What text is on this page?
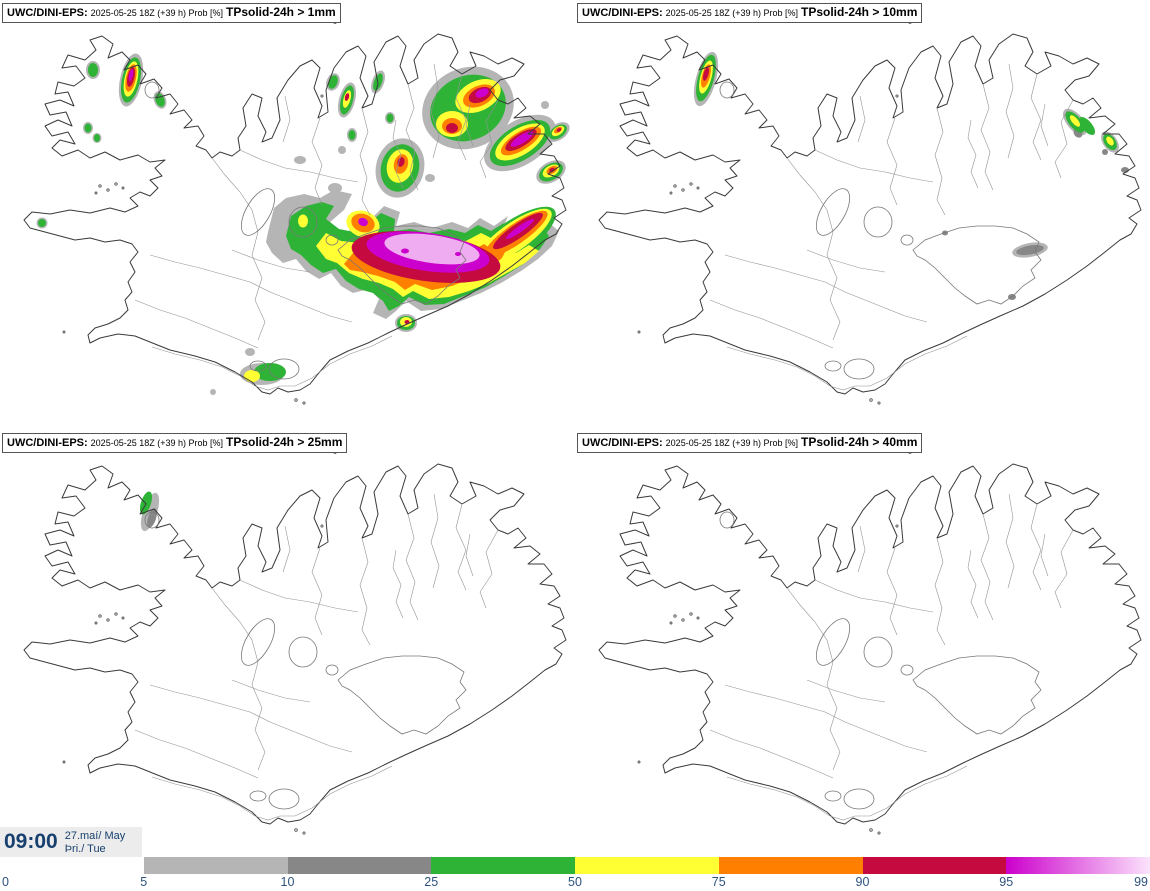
UWC/DINI-EPS: 2025-05-25 18Z (+39 h) Prob [%] TPsolid-24h > 1mm	UWC/DINI-EPS: 2025-05-25 18Z (+39 h) Prob [%] TPsolid-24h > 10mm
UWC/DINI-EPS: 2025-05-25 18Z (+39 h) Prob [%] TPsolid-24h > 25mm	UWC/DINI-EPS: 2025-05-25 18Z (+39 h) Prob [%] TPsolid-24h > 40mm
09:00 27.maí/ May
Þri./ Tue
0	5	10	25	50	75	90	95	99
